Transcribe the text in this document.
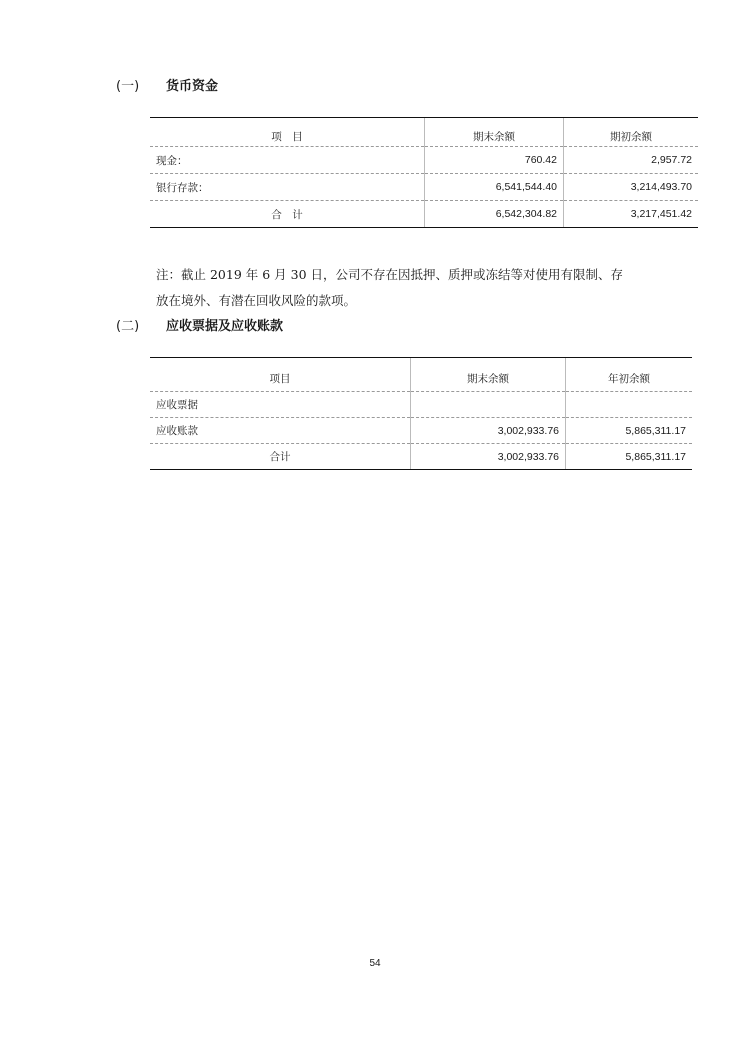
(一) 货币资金
项　目	期末余额	期初余额
现金：	760.42	2,957.72
银行存款：	6,541,544.40	3,214,493.70
合　计	6,542,304.82	3,217,451.42
注：截止 2019 年 6 月 30 日，公司不存在因抵押、质押或冻结等对使用有限制、存
放在境外、有潜在回收风险的款项。
(二) 应收票据及应收账款
项目	期末余额	年初余额
应收票据		
应收账款	3,002,933.76	5,865,311.17
合计	3,002,933.76	5,865,311.17
54
